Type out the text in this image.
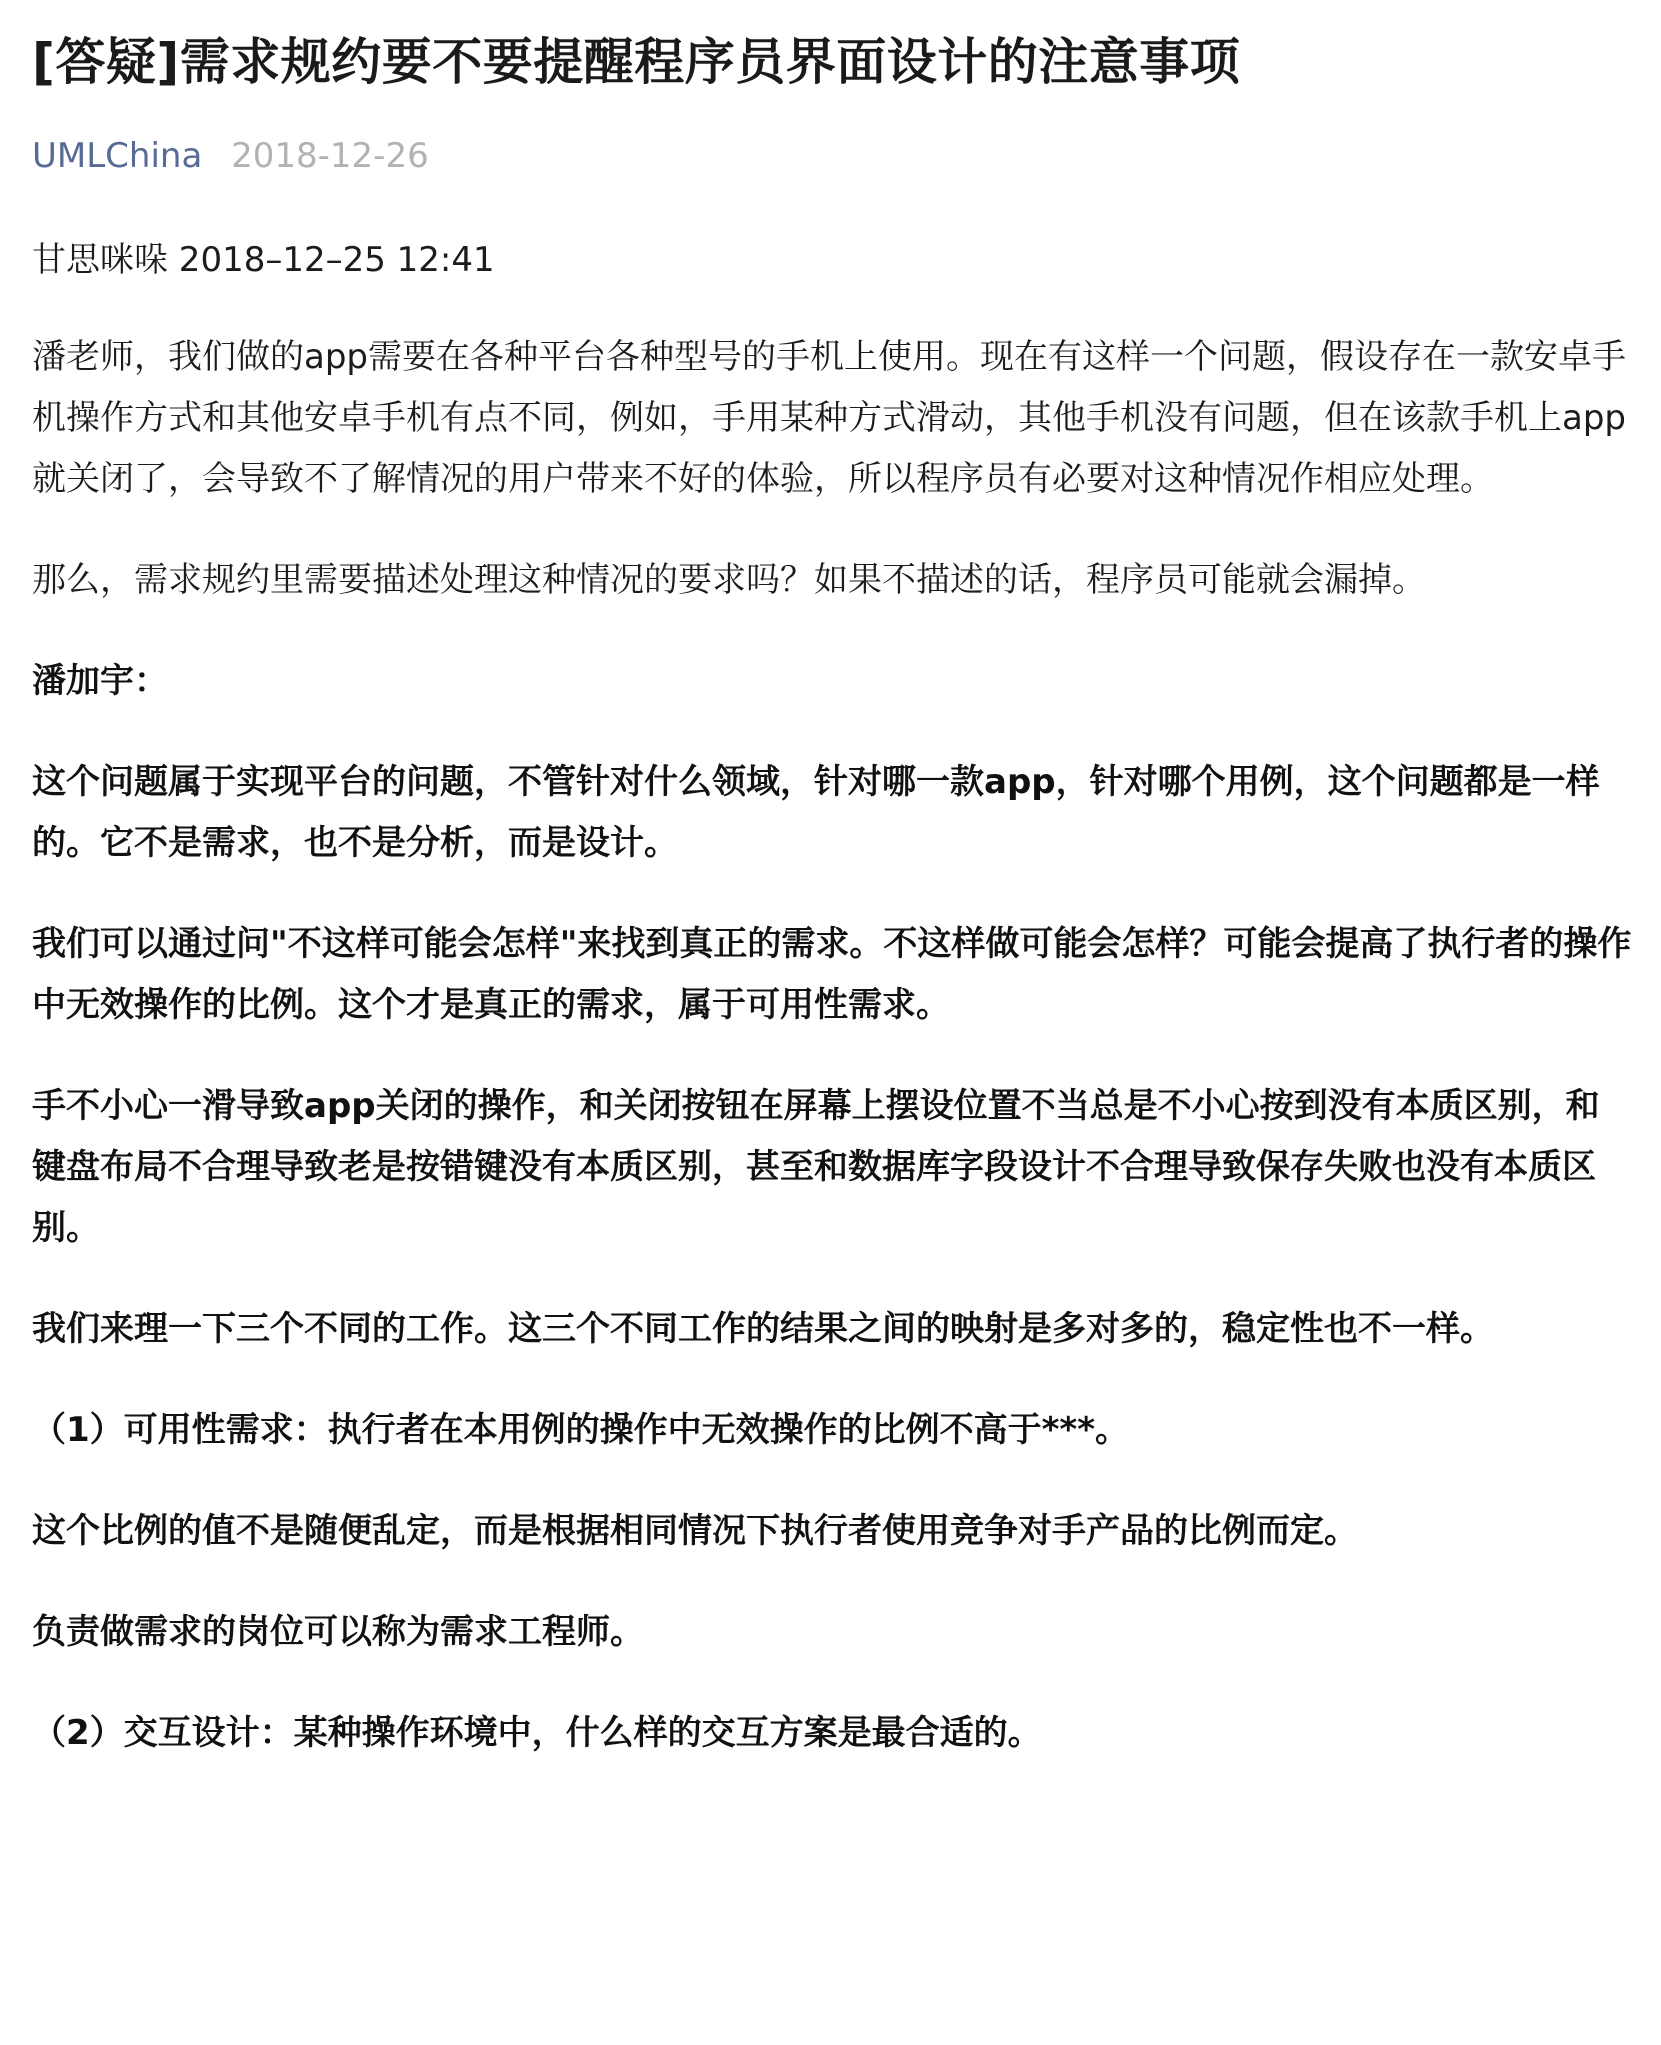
[答疑]需求规约要不要提醒程序员界面设计的注意事项
UMLChina 2018-12-26

甘思咪哚 2018–12–25 12:41

潘老师，我们做的app需要在各种平台各种型号的手机上使用。现在有这样一个问题，假设存在一款安卓手机操作方式和其他安卓手机有点不同，例如，手用某种方式滑动，其他手机没有问题，但在该款手机上app就关闭了，会导致不了解情况的用户带来不好的体验，所以程序员有必要对这种情况作相应处理。

那么，需求规约里需要描述处理这种情况的要求吗？如果不描述的话，程序员可能就会漏掉。

潘加宇：

这个问题属于实现平台的问题，不管针对什么领域，针对哪一款app，针对哪个用例，这个问题都是一样的。它不是需求，也不是分析，而是设计。

我们可以通过问"不这样可能会怎样"来找到真正的需求。不这样做可能会怎样？可能会提高了执行者的操作中无效操作的比例。这个才是真正的需求，属于可用性需求。

手不小心一滑导致app关闭的操作，和关闭按钮在屏幕上摆设位置不当总是不小心按到没有本质区别，和键盘布局不合理导致老是按错键没有本质区别，甚至和数据库字段设计不合理导致保存失败也没有本质区别。

我们来理一下三个不同的工作。这三个不同工作的结果之间的映射是多对多的，稳定性也不一样。

（1）可用性需求：执行者在本用例的操作中无效操作的比例不高于***。

这个比例的值不是随便乱定，而是根据相同情况下执行者使用竞争对手产品的比例而定。

负责做需求的岗位可以称为需求工程师。

（2）交互设计：某种操作环境中，什么样的交互方案是最合适的。
